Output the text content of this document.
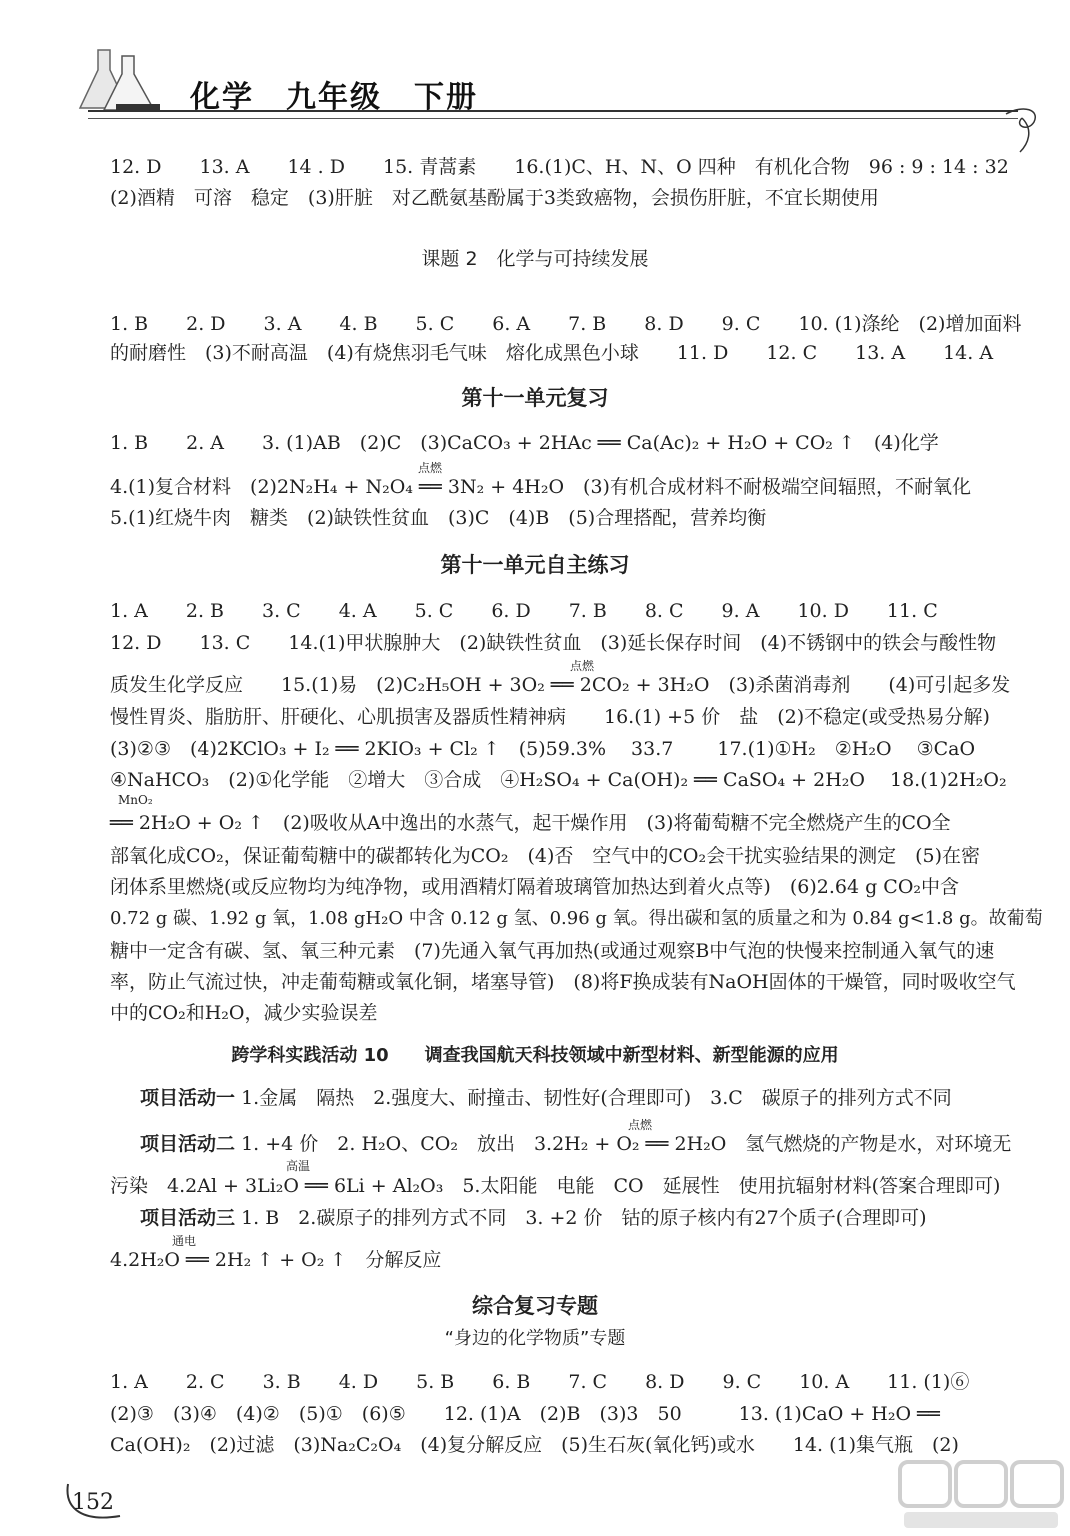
化学　九年级　下册
12. D　　13. A　　14 . D　　15. 青蒿素　　16.(1)C、H、N、O 四种　有机化合物　96 : 9 : 14 : 32
(2)酒精　可溶　稳定　(3)肝脏　对乙酰氨基酚属于3类致癌物，会损伤肝脏，不宜长期使用
课题 2　化学与可持续发展
1. B　　2. D　　3. A　　4. B　　5. C　　6. A　　7. B　　8. D　　9. C　　10. (1)涤纶　(2)增加面料
的耐磨性　(3)不耐高温　(4)有烧焦羽毛气味　熔化成黑色小球　　11. D　　12. C　　13. A　　14. A
第十一单元复习
1. B　　2. A　　3. (1)AB　(2)C　(3)CaCO₃ + 2HAc ══ Ca(Ac)₂ + H₂O + CO₂ ↑　(4)化学
4.(1)复合材料　(2)2N₂H₄ + N₂O₄ ══ 3N₂ + 4H₂O　(3)有机合成材料不耐极端空间辐照，不耐氧化
点燃
5.(1)红烧牛肉　糖类　(2)缺铁性贫血　(3)C　(4)B　(5)合理搭配，营养均衡
第十一单元自主练习
1. A　　2. B　　3. C　　4. A　　5. C　　6. D　　7. B　　8. C　　9. A　　10. D　　11. C
12. D　　13. C　　14.(1)甲状腺肿大　(2)缺铁性贫血　(3)延长保存时间　(4)不锈钢中的铁会与酸性物
质发生化学反应　　15.(1)易　(2)C₂H₅OH + 3O₂ ══ 2CO₂ + 3H₂O　(3)杀菌消毒剂　　(4)可引起多发
点燃
慢性胃炎、脂肪肝、肝硬化、心肌损害及器质性精神病　　16.(1) +5 价　盐　(2)不稳定(或受热易分解)
(3)②③　(4)2KClO₃ + I₂ ══ 2KIO₃ + Cl₂ ↑　(5)59.3%　 33.7　　 17.(1)①H₂　②H₂O　 ③CaO
④NaHCO₃　(2)①化学能　②增大　③合成　④H₂SO₄ + Ca(OH)₂ ══ CaSO₄ + 2H₂O　 18.(1)2H₂O₂
MnO₂
══ 2H₂O + O₂ ↑　(2)吸收从A中逸出的水蒸气，起干燥作用　(3)将葡萄糖不完全燃烧产生的CO全
部氧化成CO₂，保证葡萄糖中的碳都转化为CO₂　(4)否　空气中的CO₂会干扰实验结果的测定　(5)在密
闭体系里燃烧(或反应物均为纯净物，或用酒精灯隔着玻璃管加热达到着火点等)　(6)2.64 g CO₂中含
0.72 g 碳、1.92 g 氧，1.08 gH₂O 中含 0.12 g 氢、0.96 g 氧。得出碳和氢的质量之和为 0.84 g<1.8 g。故葡萄
糖中一定含有碳、氢、氧三种元素　(7)先通入氧气再加热(或通过观察B中气泡的快慢来控制通入氧气的速
率，防止气流过快，冲走葡萄糖或氧化铜，堵塞导管)　(8)将F换成装有NaOH固体的干燥管，同时吸收空气
中的CO₂和H₂O，减少实验误差
跨学科实践活动 10　　调查我国航天科技领域中新型材料、新型能源的应用
项目活动一 1.金属　隔热　2.强度大、耐撞击、韧性好(合理即可)　3.C　碳原子的排列方式不同
项目活动二 1. +4 价　2. H₂O、CO₂　放出　3.2H₂ + O₂ ══ 2H₂O　氢气燃烧的产物是水，对环境无
点燃
污染　4.2Al + 3Li₂O ══ 6Li + Al₂O₃　5.太阳能　电能　CO　延展性　使用抗辐射材料(答案合理即可)
高温
项目活动三 1. B　2.碳原子的排列方式不同　3. +2 价　钴的原子核内有27个质子(合理即可)
4.2H₂O ══ 2H₂ ↑ + O₂ ↑　分解反应
通电
综合复习专题
“身边的化学物质”专题
1. A　　2. C　　3. B　　4. D　　5. B　　6. B　　7. C　　8. D　　9. C　　10. A　　11. (1)⑥
(2)③　(3)④　(4)②　(5)①　(6)⑤　　12. (1)A　(2)B　(3)3　50　　　13. (1)CaO + H₂O ══
Ca(OH)₂　(2)过滤　(3)Na₂C₂O₄　(4)复分解反应　(5)生石灰(氧化钙)或水　　14. (1)集气瓶　(2)
152
